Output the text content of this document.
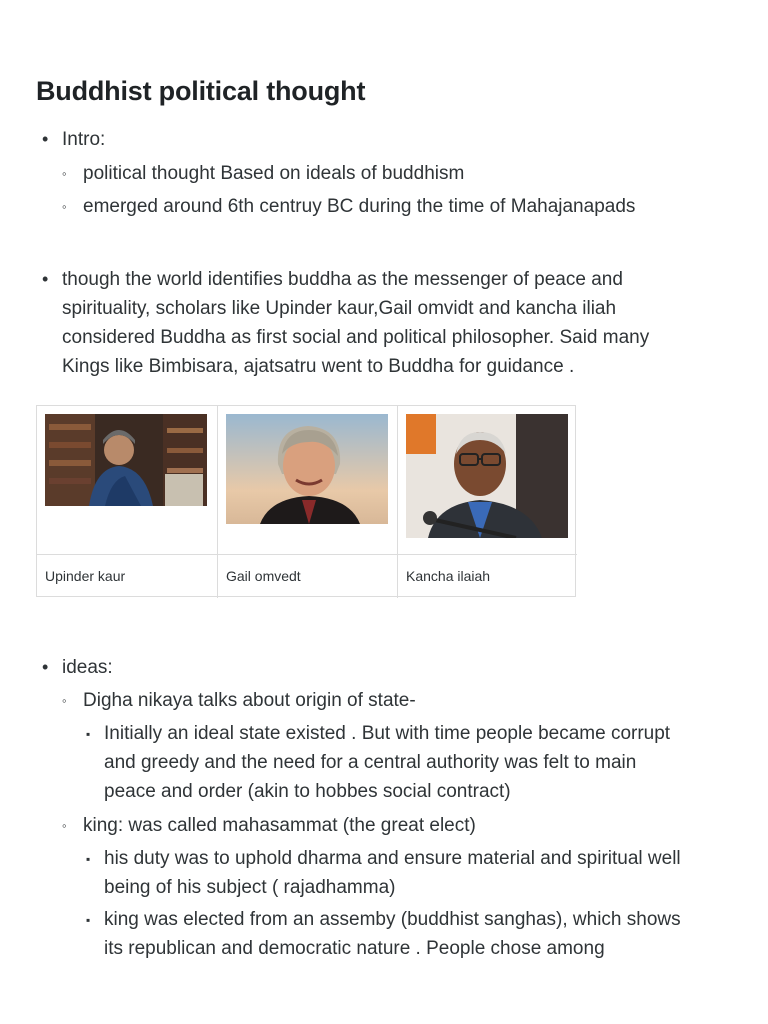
Buddhist political thought
•
Intro:
◦
political thought Based on ideals of buddhism
◦
emerged around 6th centruy BC during the time of Mahajanapads
•
though the world identifies buddha as the messenger of peace and
spirituality, scholars like Upinder kaur,Gail omvidt and kancha iliah
considered Buddha as first social and political philosopher. Said many
Kings like Bimbisara, ajatsatru went to Buddha for guidance .
Upinder kaur	Gail omvedt	Kancha ilaiah
•
ideas:
◦
Digha nikaya talks about origin of state-
▪
Initially an ideal state existed . But with time people became corrupt
and greedy and the need for a central authority was felt to main
peace and order (akin to hobbes social contract)
◦
king: was called mahasammat (the great elect)
▪
his duty was to uphold dharma and ensure material and spiritual well
being of his subject ( rajadhamma)
▪
king was elected from an assemby (buddhist sanghas), which shows
its republican and democratic nature . People chose among
